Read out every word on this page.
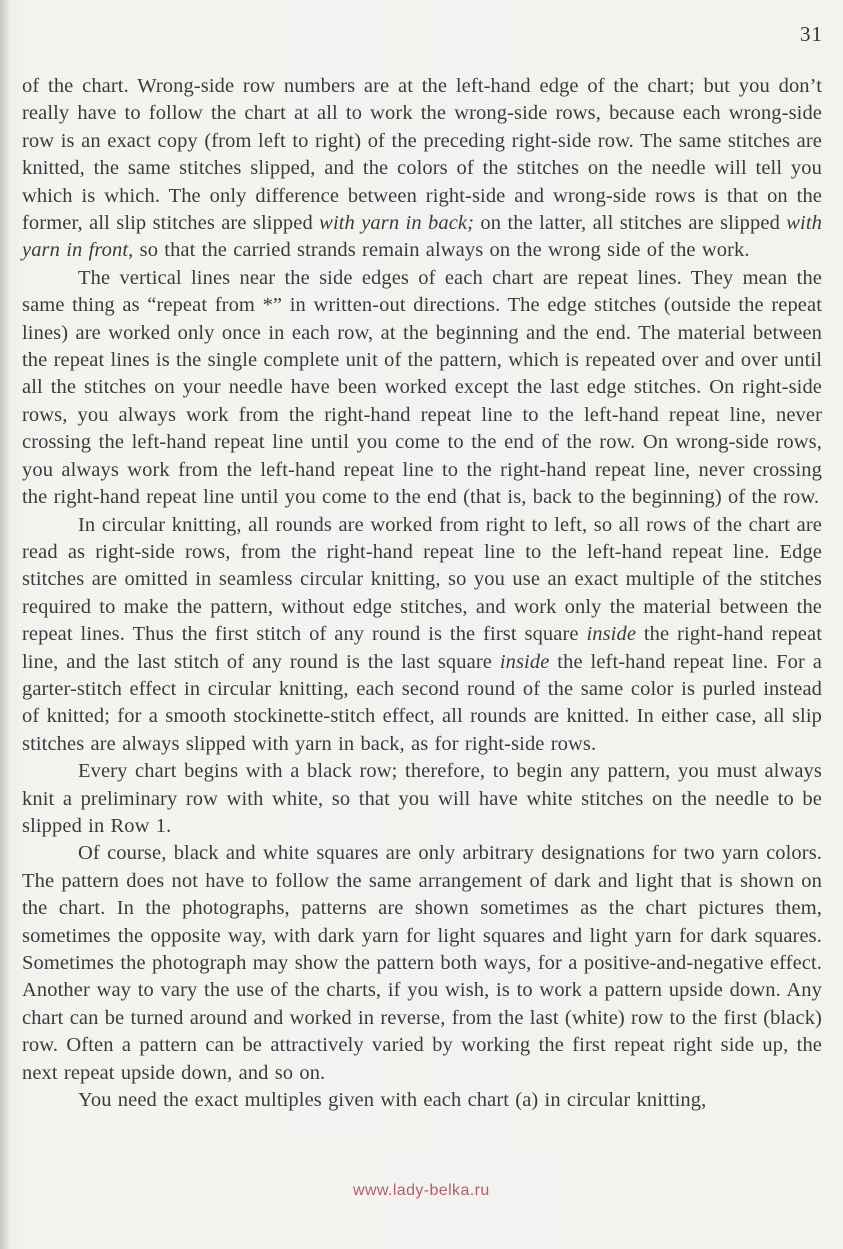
31

of the chart. Wrong-side row numbers are at the left-hand edge of the chart; but you don’t really have to follow the chart at all to work the wrong-side rows, because each wrong-side row is an exact copy (from left to right) of the preceding right-side row. The same stitches are knitted, the same stitches slipped, and the colors of the stitches on the needle will tell you which is which. The only difference between right-side and wrong-side rows is that on the former, all slip stitches are slipped with yarn in back; on the latter, all stitches are slipped with yarn in front, so that the carried strands remain always on the wrong side of the work.

The vertical lines near the side edges of each chart are repeat lines. They mean the same thing as “repeat from *” in written-out directions. The edge stitches (outside the repeat lines) are worked only once in each row, at the beginning and the end. The material between the repeat lines is the single complete unit of the pattern, which is repeated over and over until all the stitches on your needle have been worked except the last edge stitches. On right-side rows, you always work from the right-hand repeat line to the left-hand repeat line, never crossing the left-hand repeat line until you come to the end of the row. On wrong-side rows, you always work from the left-hand repeat line to the right-hand repeat line, never crossing the right-hand repeat line until you come to the end (that is, back to the beginning) of the row.

In circular knitting, all rounds are worked from right to left, so all rows of the chart are read as right-side rows, from the right-hand repeat line to the left-hand repeat line. Edge stitches are omitted in seamless circular knitting, so you use an exact multiple of the stitches required to make the pattern, without edge stitches, and work only the material between the repeat lines. Thus the first stitch of any round is the first square inside the right-hand repeat line, and the last stitch of any round is the last square inside the left-hand repeat line. For a garter-stitch effect in circular knitting, each second round of the same color is purled instead of knitted; for a smooth stockinette-stitch effect, all rounds are knitted. In either case, all slip stitches are always slipped with yarn in back, as for right-side rows.

Every chart begins with a black row; therefore, to begin any pattern, you must always knit a preliminary row with white, so that you will have white stitches on the needle to be slipped in Row 1.

Of course, black and white squares are only arbitrary designations for two yarn colors. The pattern does not have to follow the same arrangement of dark and light that is shown on the chart. In the photographs, patterns are shown sometimes as the chart pictures them, sometimes the opposite way, with dark yarn for light squares and light yarn for dark squares. Sometimes the photograph may show the pattern both ways, for a positive-and-negative effect. Another way to vary the use of the charts, if you wish, is to work a pattern upside down. Any chart can be turned around and worked in reverse, from the last (white) row to the first (black) row. Often a pattern can be attractively varied by working the first repeat right side up, the next repeat upside down, and so on.

You need the exact multiples given with each chart (a) in circular knitting,

www.lady-belka.ru
